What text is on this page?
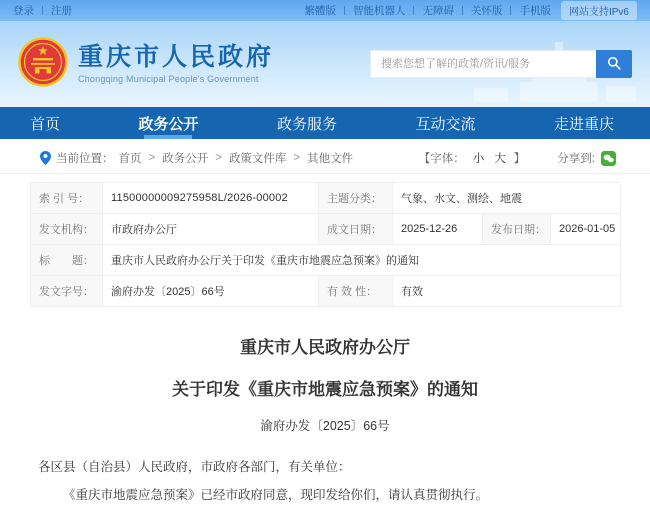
登录 注册	繁體版 智能机器人 无障碍 关怀版 手机版	网站支持IPv6
重庆市人民政府
Chongqing Municipal People's Government
搜索您想了解的政策/资讯/服务
首页	政务公开	政务服务	互动交流	走进重庆
当前位置： 首页 > 政务公开 > 政策文件库 > 其他文件	【字体： 小 大 】	分享到:
索 引 号：	11500000009275958L/2026-00002	主题分类：	气象、水文、测绘、地震		
发文机构：	市政府办公厅	成文日期：	2025-12-26	发布日期：	2026-01-05
标　　题：	重庆市人民政府办公厅关于印发《重庆市地震应急预案》的通知				
发文字号：	渝府办发〔2025〕66号	有 效 性：	有效		
重庆市人民政府办公厅
关于印发《重庆市地震应急预案》的通知
渝府办发〔2025〕66号

各区县（自治县）人民政府，市政府各部门，有关单位：

《重庆市地震应急预案》已经市政府同意，现印发给你们，请认真贯彻执行。
